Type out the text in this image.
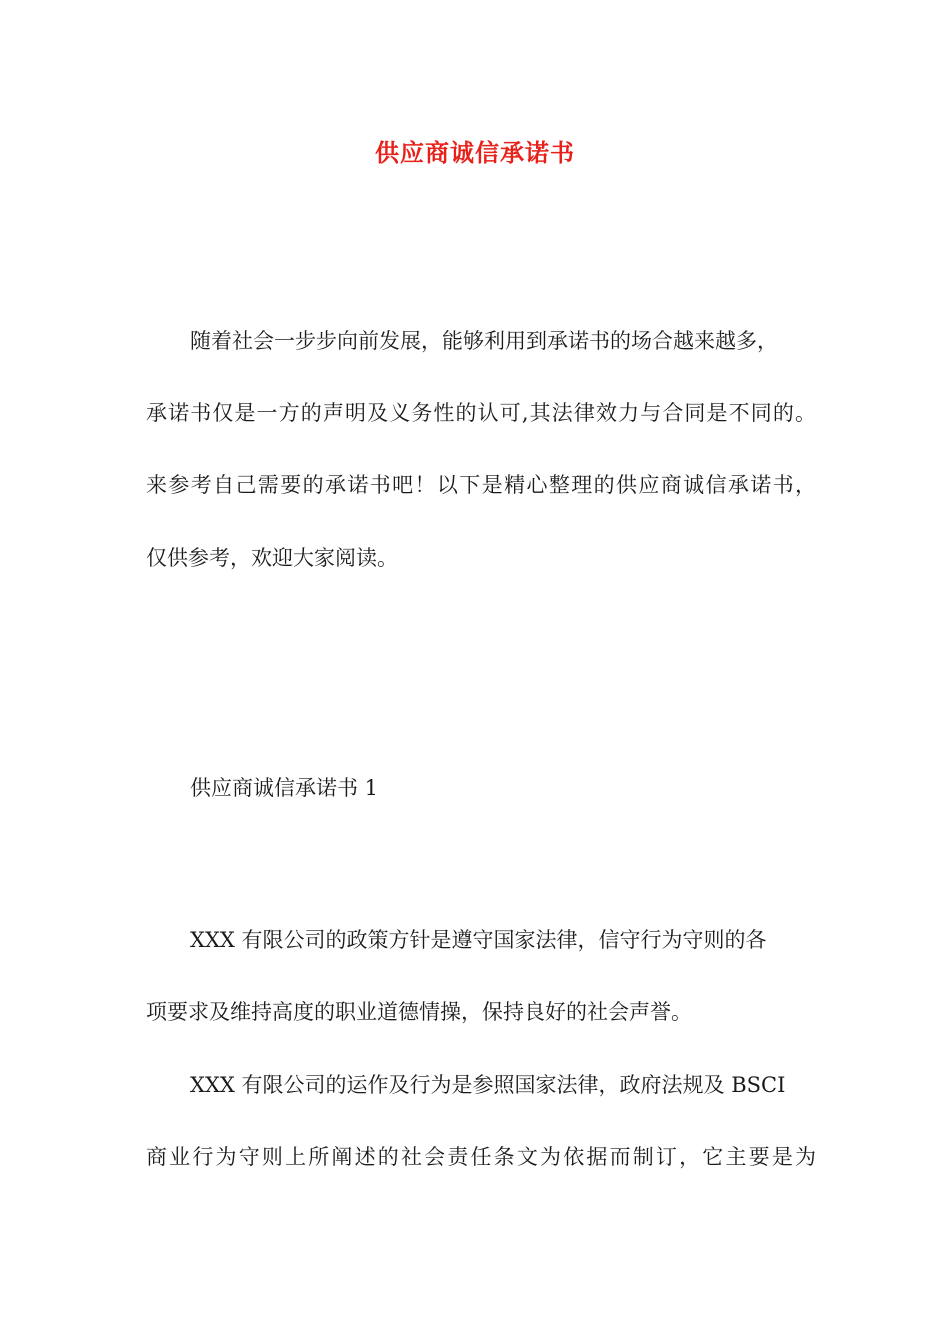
供应商诚信承诺书
随着社会一步步向前发展，能够利用到承诺书的场合越来越多，
承诺书仅是一方的声明及义务性的认可,其法律效力与合同是不同的。
来参考自己需要的承诺书吧！以下是精心整理的供应商诚信承诺书，
仅供参考，欢迎大家阅读。
供应商诚信承诺书 1
XXX 有限公司的政策方针是遵守国家法律，信守行为守则的各
项要求及维持高度的职业道德情操，保持良好的社会声誉。
XXX 有限公司的运作及行为是参照国家法律，政府法规及 BSCI
商业行为守则上所阐述的社会责任条文为依据而制订，它主要是为
